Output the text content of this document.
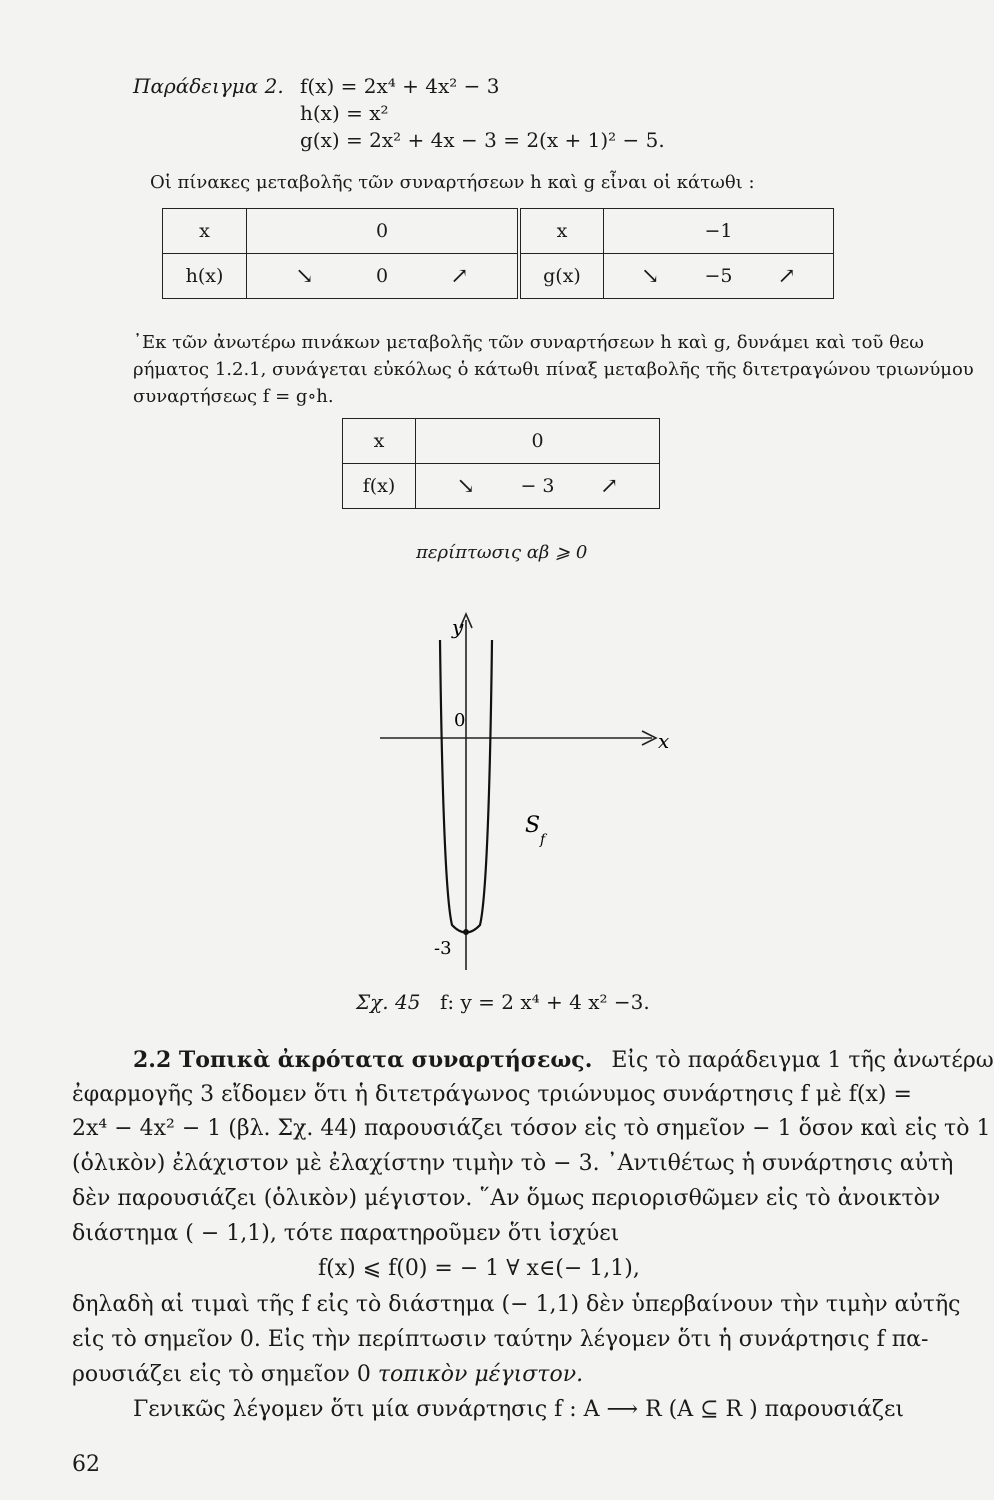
Παράδειγμα 2. f(x) = 2x⁴ + 4x² − 3
h(x) = x²
g(x) = 2x² + 4x − 3 = 2(x + 1)² − 5.
Οἱ πίνακες μεταβολῆς τῶν συναρτήσεων h καὶ g εἶναι οἱ κάτωθι :
x		0	
h(x)	↘	0	↗
x		−1	
g(x)	↘	−5	↗
᾽Εκ τῶν ἀνωτέρω πινάκων μεταβολῆς τῶν συναρτήσεων h καὶ g, δυνάμει καὶ τοῦ θεω
ρήματος 1.2.1, συνάγεται εὐκόλως ὁ κάτωθι πίναξ μεταβολῆς τῆς διτετραγώνου τριωνύμου
συναρτήσεως f = g∘h.
x		0	
f(x)	↘	− 3	↗
περίπτωσις αβ ⩾ 0
y
x
0
S
f
-3
Σχ. 45 f: y = 2 x⁴ + 4 x² −3.
2.2 Τοπικὰ ἀκρότατα συναρτήσεως. Εἰς τὸ παράδειγμα 1 τῆς ἀνωτέρω
ἐφαρμογῆς 3 εἴδομεν ὅτι ἡ διτετράγωνος τριώνυμος συνάρτησις f μὲ f(x) =
2x⁴ − 4x² − 1 (βλ. Σχ. 44) παρουσιάζει τόσον εἰς τὸ σημεῖον − 1 ὅσον καὶ εἰς τὸ 1
(ὁλικὸν) ἐλάχιστον μὲ ἐλαχίστην τιμὴν τὸ − 3. ᾽Αντιθέτως ἡ συνάρτησις αὐτὴ
δὲν παρουσιάζει (ὁλικὸν) μέγιστον. ῞Αν ὅμως περιορισθῶμεν εἰς τὸ ἀνοικτὸν
διάστημα ( − 1,1), τότε παρατηροῦμεν ὅτι ἰσχύει
f(x) ⩽ f(0) = − 1 ∀ x∈(− 1,1),
δηλαδὴ αἱ τιμαὶ τῆς f εἰς τὸ διάστημα (− 1,1) δὲν ὑπερβαίνουν τὴν τιμὴν αὐτῆς
εἰς τὸ σημεῖον 0. Εἰς τὴν περίπτωσιν ταύτην λέγομεν ὅτι ἡ συνάρτησις f πα-
ρουσιάζει εἰς τὸ σημεῖον 0 τοπικὸν μέγιστον.
Γενικῶς λέγομεν ὅτι μία συνάρτησις f : A ⟶ R (A ⊆ R ) παρουσιάζει
62
